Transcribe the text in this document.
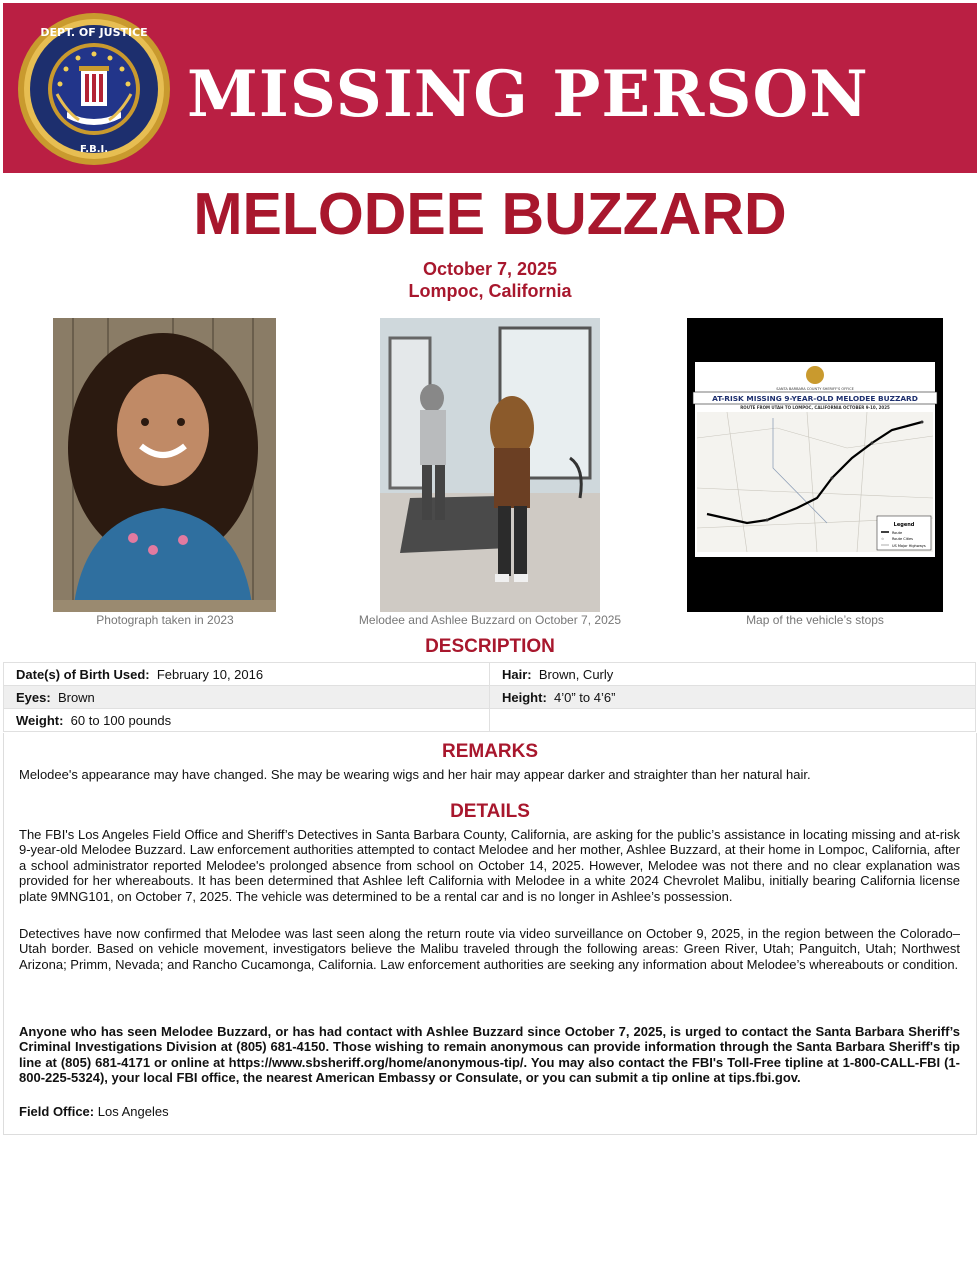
DEPT. OF JUSTICE
F.B.I.
MISSING PERSON
MELODEE BUZZARD
October 7, 2025
Lompoc, California
SANTA BARBARA COUNTY SHERIFF'S OFFICE
AT-RISK MISSING 9-YEAR-OLD MELODEE BUZZARD
ROUTE FROM UTAH TO LOMPOC, CALIFORNIA OCTOBER 9-10, 2025
Legend
Route
☆ Route Cities
US Major Highways
Photograph taken in 2023	Melodee and Ashlee Buzzard on October 7, 2025	Map of the vehicle’s stops
DESCRIPTION
Date(s) of Birth Used: February 10, 2016	Hair: Brown, Curly
Eyes: Brown	Height: 4’0” to 4’6”
Weight: 60 to 100 pounds	
REMARKS
Melodee's appearance may have changed. She may be wearing wigs and her hair may appear darker and straighter than her natural hair.
DETAILS
The FBI's Los Angeles Field Office and Sheriff’s Detectives in Santa Barbara County, California, are asking for the public’s assistance in locating missing and at-risk 9-year-old Melodee Buzzard. Law enforcement authorities attempted to contact Melodee and her mother, Ashlee Buzzard, at their home in Lompoc, California, after a school administrator reported Melodee's prolonged absence from school on October 14, 2025. However, Melodee was not there and no clear explanation was provided for her whereabouts. It has been determined that Ashlee left California with Melodee in a white 2024 Chevrolet Malibu, initially bearing California license plate 9MNG101, on October 7, 2025. The vehicle was determined to be a rental car and is no longer in Ashlee’s possession.
Detectives have now confirmed that Melodee was last seen along the return route via video surveillance on October 9, 2025, in the region between the Colorado–Utah border. Based on vehicle movement, investigators believe the Malibu traveled through the following areas: Green River, Utah; Panguitch, Utah; Northwest Arizona; Primm, Nevada; and Rancho Cucamonga, California. Law enforcement authorities are seeking any information about Melodee’s whereabouts or condition.
Anyone who has seen Melodee Buzzard, or has had contact with Ashlee Buzzard since October 7, 2025, is urged to contact the Santa Barbara Sheriff’s Criminal Investigations Division at (805) 681-4150. Those wishing to remain anonymous can provide information through the Santa Barbara Sheriff's tip line at (805) 681-4171 or online at https://www.sbsheriff.org/home/anonymous-tip/. You may also contact the FBI's Toll-Free tipline at 1-800-CALL-FBI (1-800-225-5324), your local FBI office, the nearest American Embassy or Consulate, or you can submit a tip online at tips.fbi.gov.
Field Office: Los Angeles
